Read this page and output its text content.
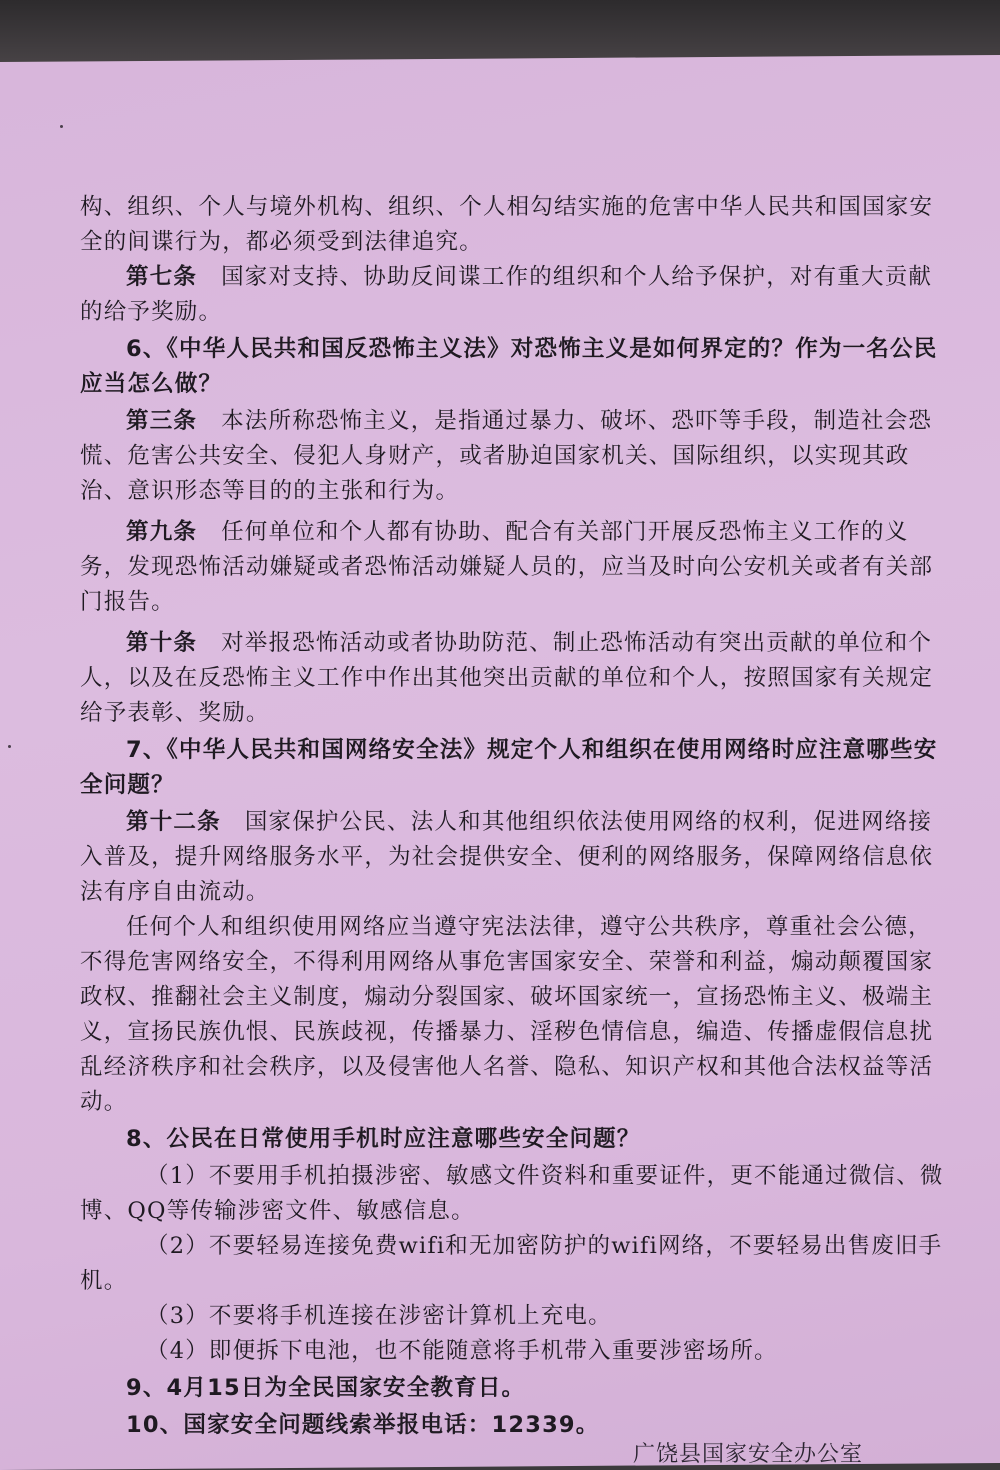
构、组织、个人与境外机构、组织、个人相勾结实施的危害中华人民共和国国家安全的间谍行为，都必须受到法律追究。

第七条 国家对支持、协助反间谍工作的组织和个人给予保护，对有重大贡献的给予奖励。

6、《中华人民共和国反恐怖主义法》对恐怖主义是如何界定的？作为一名公民应当怎么做？

第三条 本法所称恐怖主义，是指通过暴力、破坏、恐吓等手段，制造社会恐慌、危害公共安全、侵犯人身财产，或者胁迫国家机关、国际组织，以实现其政治、意识形态等目的的主张和行为。

第九条 任何单位和个人都有协助、配合有关部门开展反恐怖主义工作的义务，发现恐怖活动嫌疑或者恐怖活动嫌疑人员的，应当及时向公安机关或者有关部门报告。

第十条 对举报恐怖活动或者协助防范、制止恐怖活动有突出贡献的单位和个人，以及在反恐怖主义工作中作出其他突出贡献的单位和个人，按照国家有关规定给予表彰、奖励。

7、《中华人民共和国网络安全法》规定个人和组织在使用网络时应注意哪些安全问题？

第十二条 国家保护公民、法人和其他组织依法使用网络的权利，促进网络接入普及，提升网络服务水平，为社会提供安全、便利的网络服务，保障网络信息依法有序自由流动。

任何个人和组织使用网络应当遵守宪法法律，遵守公共秩序，尊重社会公德，不得危害网络安全，不得利用网络从事危害国家安全、荣誉和利益，煽动颠覆国家政权、推翻社会主义制度，煽动分裂国家、破坏国家统一，宣扬恐怖主义、极端主义，宣扬民族仇恨、民族歧视，传播暴力、淫秽色情信息，编造、传播虚假信息扰乱经济秩序和社会秩序，以及侵害他人名誉、隐私、知识产权和其他合法权益等活动。

8、公民在日常使用手机时应注意哪些安全问题？

（1）不要用手机拍摄涉密、敏感文件资料和重要证件，更不能通过微信、微博、QQ等传输涉密文件、敏感信息。

（2）不要轻易连接免费wifi和无加密防护的wifi网络，不要轻易出售废旧手机。

（3）不要将手机连接在涉密计算机上充电。

（4）即便拆下电池，也不能随意将手机带入重要涉密场所。

9、4月15日为全民国家安全教育日。

10、国家安全问题线索举报电话：12339。

广饶县国家安全办公室
